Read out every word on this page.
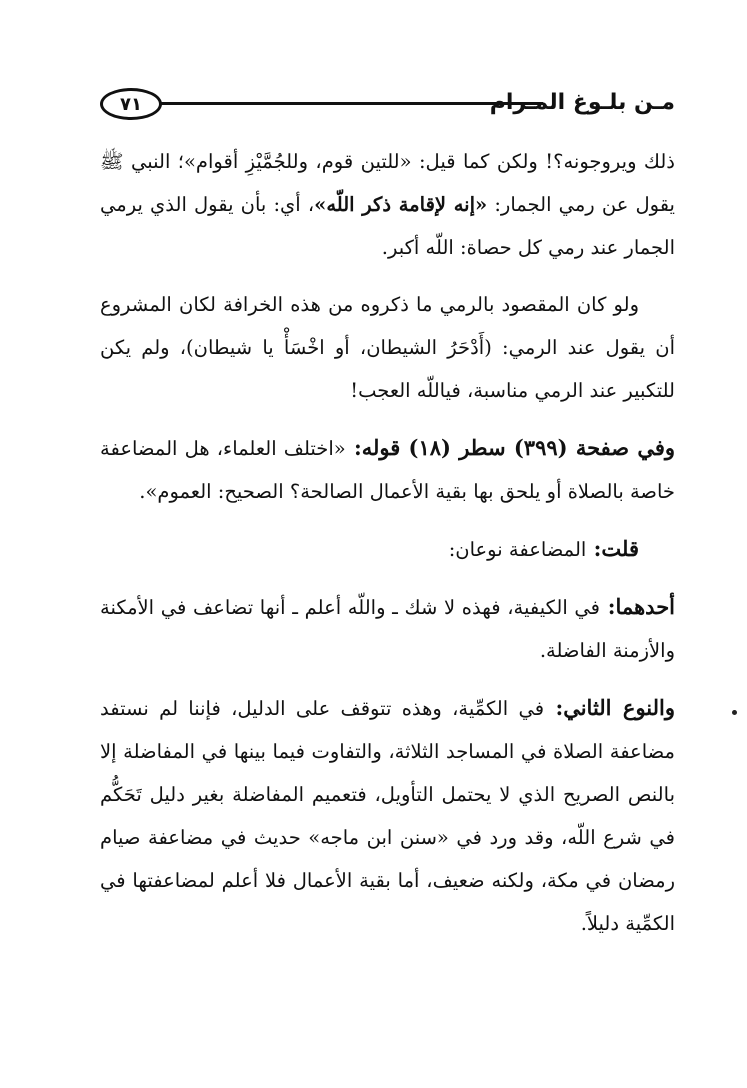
٧١	مـن بلـوغ المـرام

ذلك ويروجونه؟! ولكن كما قيل: «للتين قوم، وللجُمَّيْزِ أقوام»؛ النبي ﷺ يقول عن رمي الجمار: «إنه لإقامة ذكر اللّه»، أي: بأن يقول الذي يرمي الجمار عند رمي كل حصاة: اللّه أكبر.

ولو كان المقصود بالرمي ما ذكروه من هذه الخرافة لكان المشروع أن يقول عند الرمي: (أَدْحَرُ الشيطان، أو اخْسَأْ يا شيطان)، ولم يكن للتكبير عند الرمي مناسبة، فياللّه العجب!

وفي صفحة (٣٩٩) سطر (١٨) قوله: «اختلف العلماء، هل المضاعفة خاصة بالصلاة أو يلحق بها بقية الأعمال الصالحة؟ الصحيح: العموم».

قلت: المضاعفة نوعان:

أحدهما: في الكيفية، فهذه لا شك ـ واللّه أعلم ـ أنها تضاعف في الأمكنة والأزمنة الفاضلة.

والنوع الثاني: في الكمِّية، وهذه تتوقف على الدليل، فإننا لم نستفد مضاعفة الصلاة في المساجد الثلاثة، والتفاوت فيما بينها في المفاضلة إلا بالنص الصريح الذي لا يحتمل التأويل، فتعميم المفاضلة بغير دليل تَحَكُّم في شرع اللّه، وقد ورد في «سنن ابن ماجه» حديث في مضاعفة صيام رمضان في مكة، ولكنه ضعيف، أما بقية الأعمال فلا أعلم لمضاعفتها في الكمِّية دليلاً.
